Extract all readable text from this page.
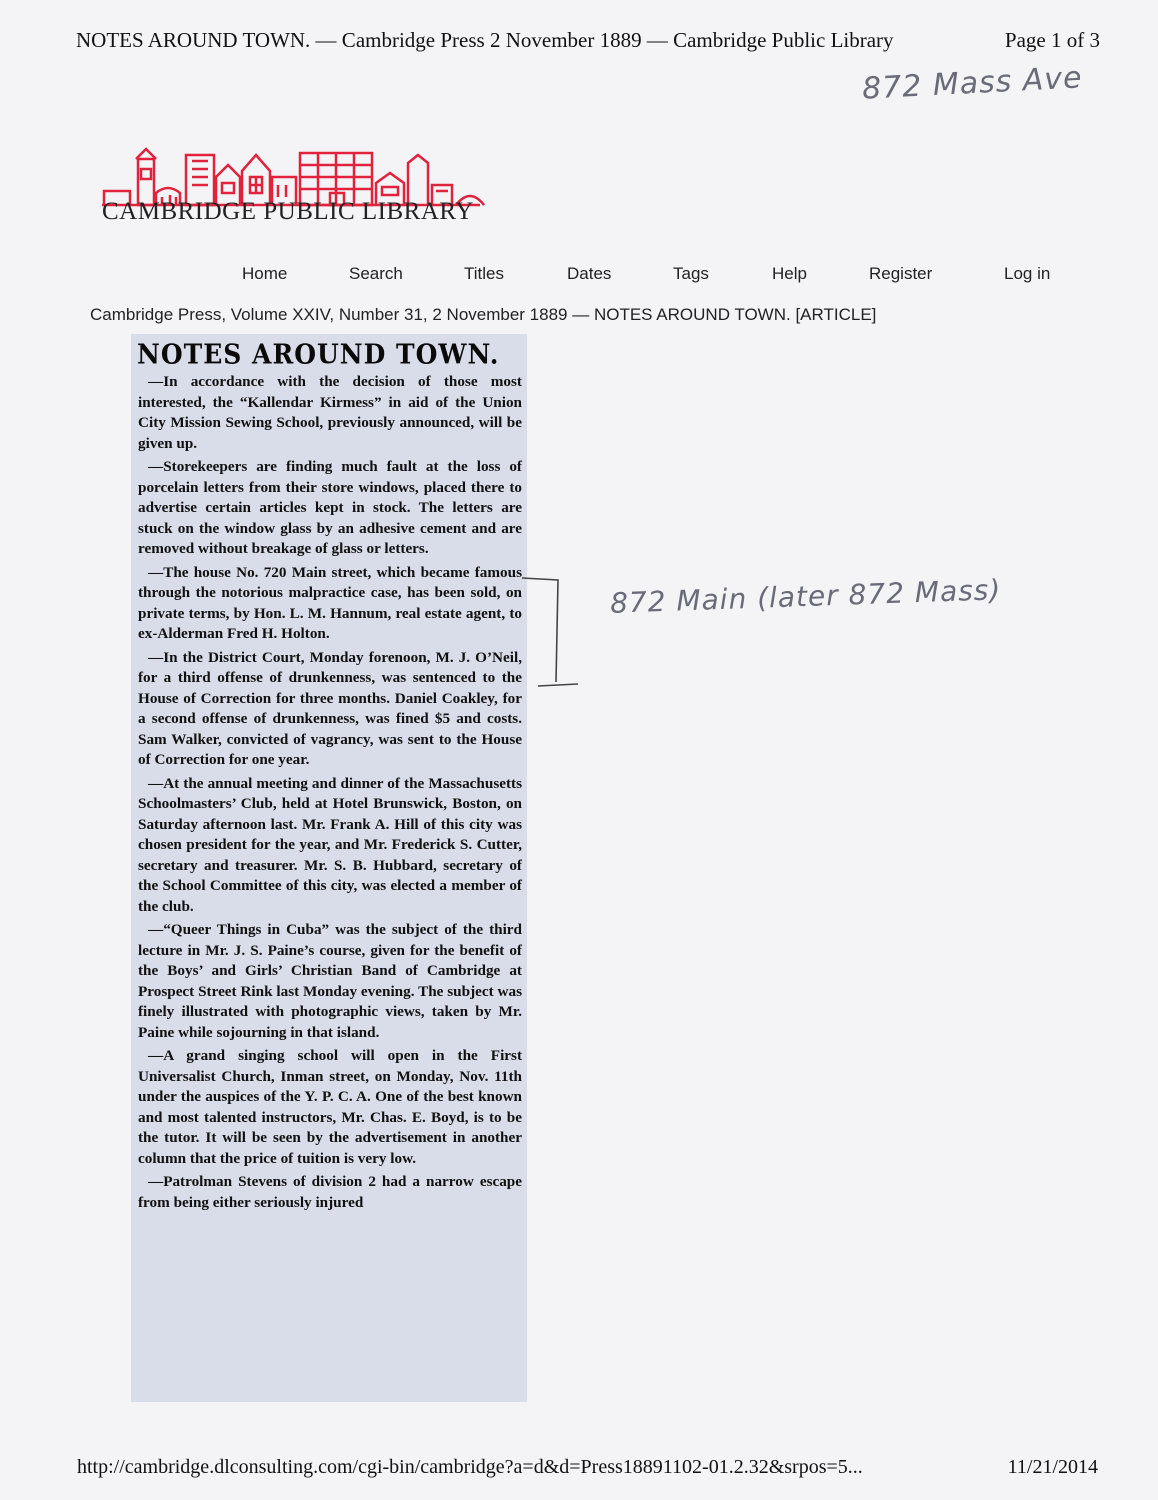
NOTES AROUND TOWN. — Cambridge Press 2 November 1889 — Cambridge Public Library	Page 1 of 3
872 Mass Ave
CAMBRIDGE PUBLIC LIBRARY
Home	Search	Titles	Dates	Tags	Help	Register	Log in
Cambridge Press, Volume XXIV, Number 31, 2 November 1889 — NOTES AROUND TOWN. [ARTICLE]
NOTES AROUND TOWN.

—In accordance with the decision of those most interested, the “Kallendar Kirmess” in aid of the Union City Mission Sewing School, previously announced, will be given up.

—Storekeepers are finding much fault at the loss of porcelain letters from their store windows, placed there to advertise certain articles kept in stock. The letters are stuck on the window glass by an adhesive cement and are removed without breakage of glass or letters.

—The house No. 720 Main street, which became famous through the notorious malpractice case, has been sold, on private terms, by Hon. L. M. Hannum, real estate agent, to ex-Alderman Fred H. Holton.

—In the District Court, Monday forenoon, M. J. O’Neil, for a third offense of drunkenness, was sentenced to the House of Correction for three months. Daniel Coakley, for a second offense of drunkenness, was fined $5 and costs. Sam Walker, convicted of vagrancy, was sent to the House of Correction for one year.

—At the annual meeting and dinner of the Massachusetts Schoolmasters’ Club, held at Hotel Brunswick, Boston, on Saturday afternoon last. Mr. Frank A. Hill of this city was chosen president for the year, and Mr. Frederick S. Cutter, secretary and treasurer. Mr. S. B. Hubbard, secretary of the School Committee of this city, was elected a member of the club.

—“Queer Things in Cuba” was the subject of the third lecture in Mr. J. S. Paine’s course, given for the benefit of the Boys’ and Girls’ Christian Band of Cambridge at Prospect Street Rink last Monday evening. The subject was finely illustrated with photographic views, taken by Mr. Paine while sojourning in that island.

—A grand singing school will open in the First Universalist Church, Inman street, on Monday, Nov. 11th under the auspices of the Y. P. C. A. One of the best known and most talented instructors, Mr. Chas. E. Boyd, is to be the tutor. It will be seen by the advertisement in another column that the price of tuition is very low.

—Patrolman Stevens of division 2 had a narrow escape from being either seriously injured

872 Main (later 872 Mass)
http://cambridge.dlconsulting.com/cgi-bin/cambridge?a=d&d=Press18891102-01.2.32&srpos=5...	11/21/2014
